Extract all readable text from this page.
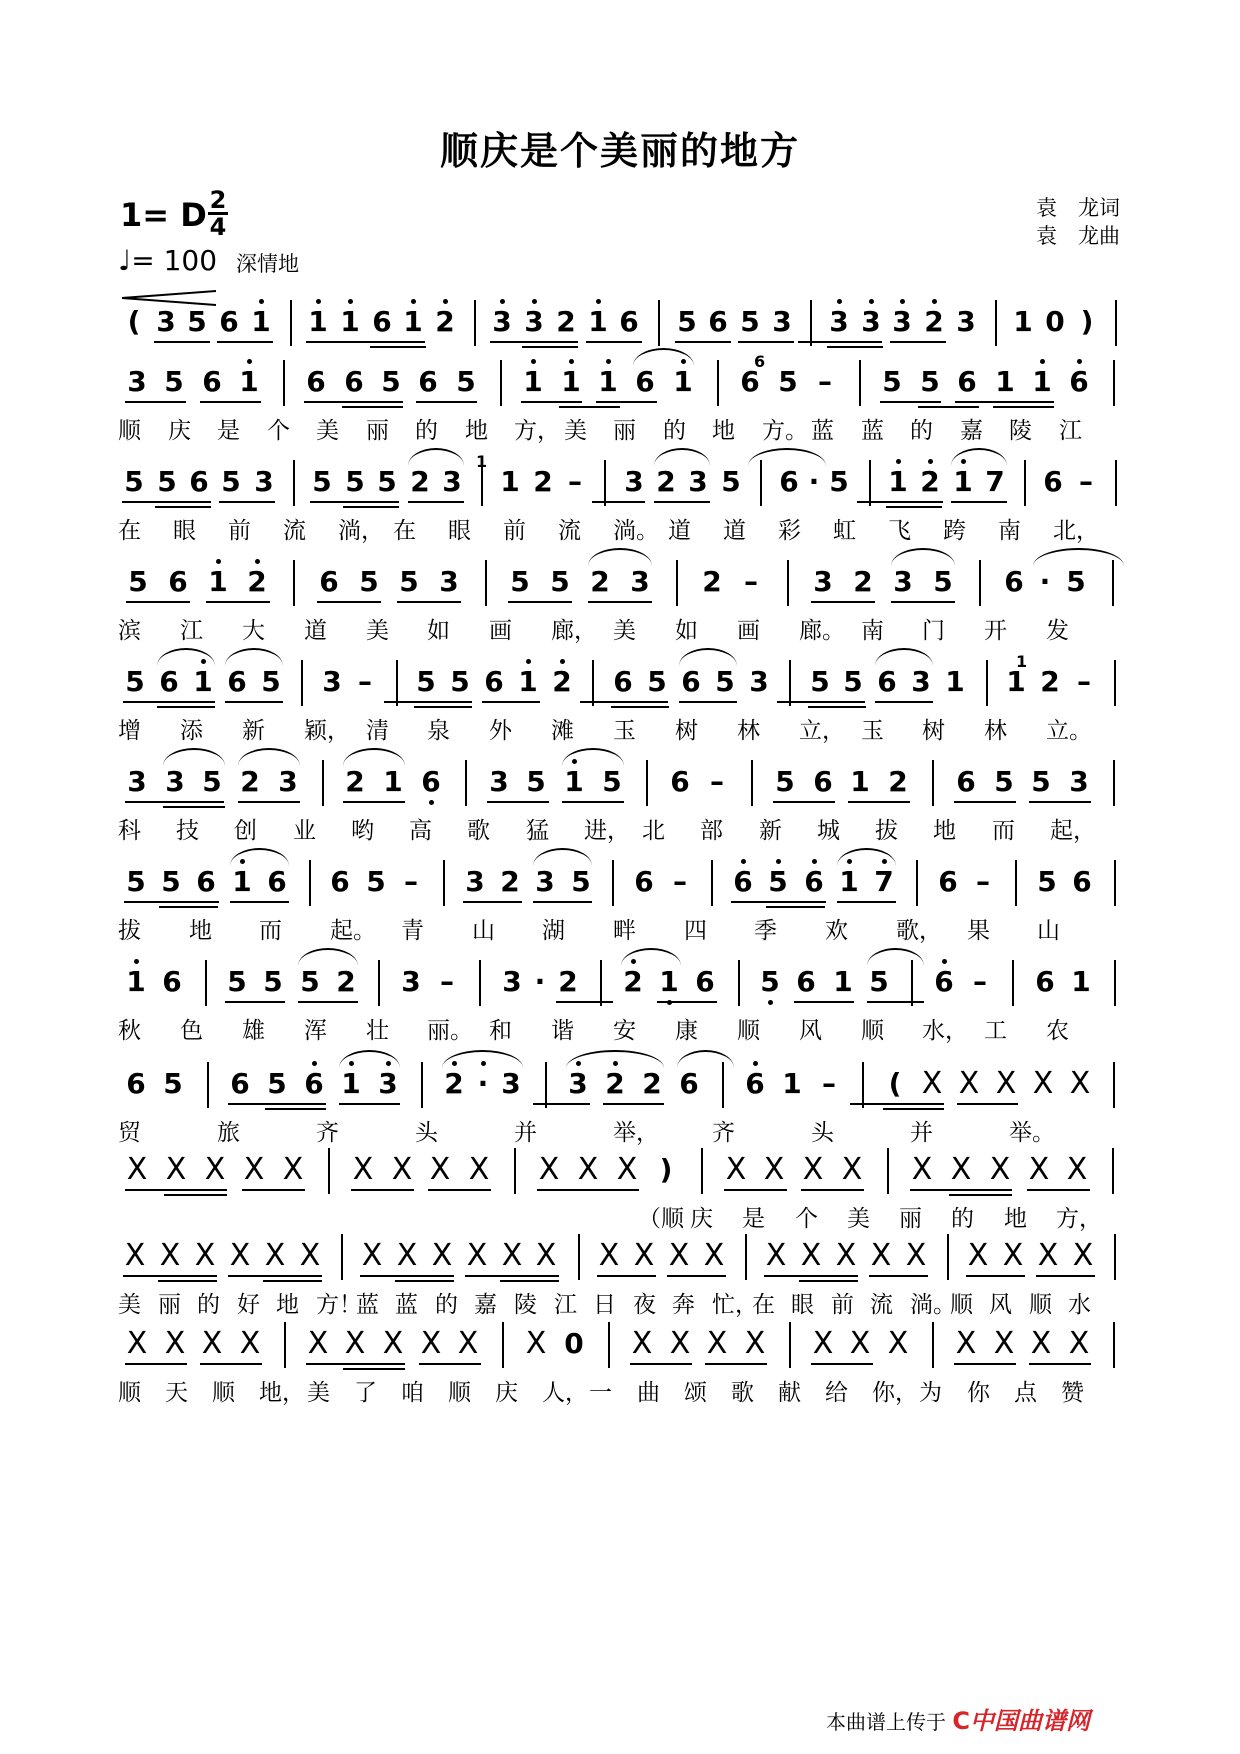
顺庆是个美丽的地方
1= D 2
4
♩= 100 深情地
袁　龙词
袁　龙曲
( 3 5 6 1 1 1 6 1 2 3 3 2 1 6 5 6 5 3 3 3 3 2 3 1 0 )
3 5 6 1 6 6 5 6 5 1 1 1 6 1 6 5
6
– 5 5 6 1 1 6
顺 庆 是 个 美 丽 的 地 方， 美 丽 的 地 方。 蓝 蓝 的 嘉 陵 江
5 5 6 5 3 5 5 5 2 3 1
1
2 – 3 2 3 5 6 · 5 1 2 1 7 6 –
在 眼 前 流 淌， 在 眼 前 流 淌。 道 道 彩 虹 飞 跨 南 北，
5 6 1 2 6 5 5 3 5 5 2 3 2 – 3 2 3 5 6 · 5
滨 江 大 道 美 如 画 廊， 美 如 画 廊。 南 门 开 发
5 6 1 6 5 3 – 5 5 6 1 2 6 5 6 5 3 5 5 6 3 1 1 2
1
–
增 添 新 颖， 清 泉 外 滩 玉 树 林 立， 玉 树 林 立。
3 3 5 2 3 2 1 6 3 5 1 5 6 – 5 6 1 2 6 5 5 3
科 技 创 业 哟 高 歌 猛 进， 北 部 新 城 拔 地 而 起，
5 5 6 1 6 6 5 – 3 2 3 5 6 – 6 5 6 1 7 6 – 5 6
拔 地 而 起。 青 山 湖 畔 四 季 欢 歌， 果 山
1 6 5 5 5 2 3 – 3 · 2 2 1 6 5 6 1 5 6 – 6 1
秋 色 雄 浑 壮 丽。 和 谐 安 康 顺 风 顺 水， 工 农
6 5 6 5 6 1 3 2 · 3 3 2 2 6 6 1 – ( X X X X X
贸	旅	齐	头	并	举， 齐	头	并	举。
X X X X X X X X X X X X ) X X X X X X X X X
（顺 庆 是 个 美 丽 的 地 方，
X X X X X X X X X X X X X X X X X X X X X X X X X
美 丽 的 好 地 方！
蓝 蓝 的 嘉 陵 江 日 夜 奔 忙，
在 眼 前 流 淌。
顺 风 顺 水
X X X X X X X X X X 0 X X X X X X X X X X X
顺 天 顺 地， 美 了 咱 顺 庆 人， 一 曲 颂 歌 献 给 你， 为 你 点 赞
本曲谱上传于 C中国曲谱网
